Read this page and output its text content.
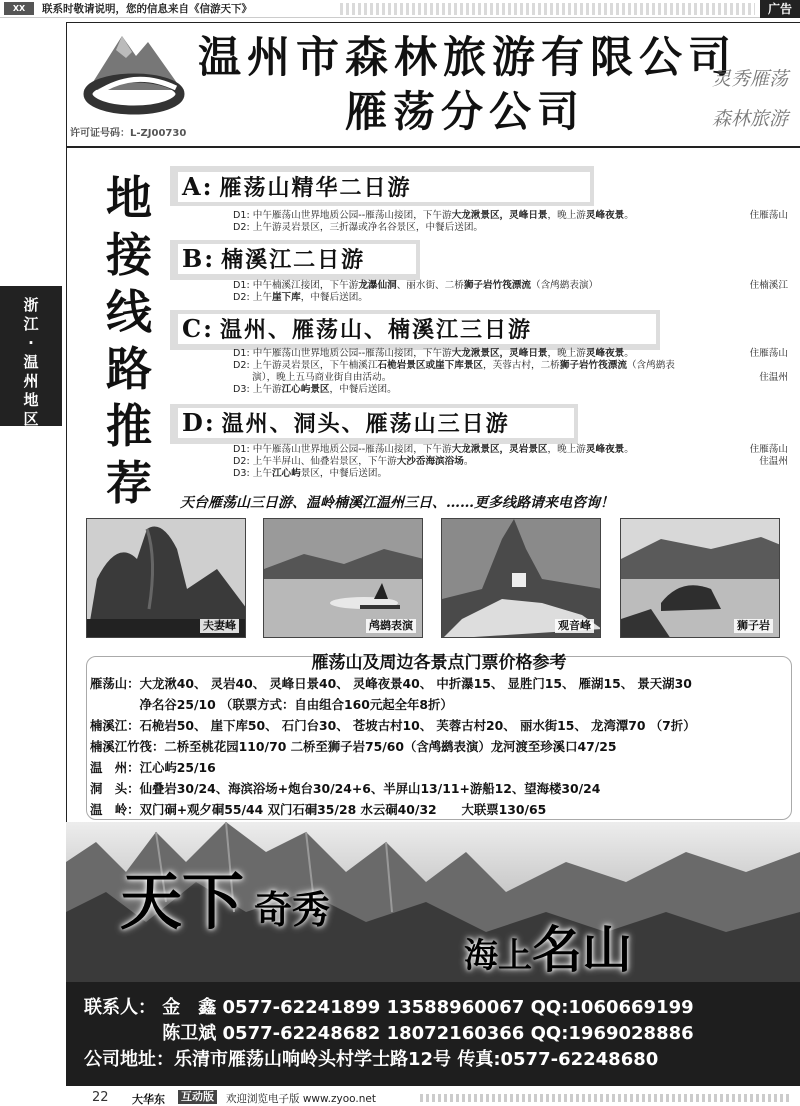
XX	联系时敬请说明，您的信息来自《信游天下》	广告
浙
江
·
温
州
地
区
许可证号码：L-ZJ00730
温州市森林旅游有限公司
雁荡分公司
灵秀雁荡
森林旅游
地
接
线
路
推
荐
A: 雁荡山精华二日游
D1: 中午雁荡山世界地质公园--雁荡山接团，下午游大龙湫景区，灵峰日景，晚上游灵峰夜景。	住雁荡山
D2: 上午游灵岩景区，三折瀑或净名谷景区，中餐后送团。
B: 楠溪江二日游
D1: 中午楠溪江接团，下午游龙瀑仙洞、丽水街、二桥狮子岩竹筏漂流（含鸬鹚表演）	住楠溪江
D2: 上午崖下库，中餐后送团。
C: 温州、雁荡山、楠溪江三日游
D1: 中午雁荡山世界地质公园--雁荡山接团，下午游大龙湫景区，灵峰日景，晚上游灵峰夜景。	住雁荡山
D2: 上午游灵岩景区，下午楠溪江石桅岩景区或崖下库景区，芙蓉古村，二桥狮子岩竹筏漂流（含鸬鹚表
　　演），晚上五马商业街自由活动。	住温州
D3: 上午游江心屿景区，中餐后送团。
D: 温州、洞头、雁荡山三日游
D1: 中午雁荡山世界地质公园--雁荡山接团，下午游大龙湫景区，灵岩景区，晚上游灵峰夜景。	住雁荡山
D2: 上午半屏山、仙叠岩景区，下午游大沙岙海滨浴场。	住温州
D3: 上午江心屿景区，中餐后送团。
天台雁荡山三日游、温岭楠溪江温州三日、……更多线路请来电咨询！
夫妻峰	鸬鹚表演	观音峰	狮子岩
雁荡山及周边各景点门票价格参考
雁荡山：大龙湫40、 灵岩40、 灵峰日景40、 灵峰夜景40、 中折瀑15、 显胜门15、 雁湖15、 景天湖30
　　　　净名谷25/10 （联票方式：自由组合160元起全年8折）
楠溪江：石桅岩50、 崖下库50、 石门台30、 苍坡古村10、 芙蓉古村20、 丽水街15、 龙湾潭70 （7折）
楠溪江竹筏：二桥至桃花园110/70 二桥至狮子岩75/60（含鸬鹚表演）龙河渡至珍溪口47/25
温　州：江心屿25/16
洞　头：仙叠岩30/24、海滨浴场+炮台30/24+6、半屏山13/11+游船12、望海楼30/24
温　岭：双门硐+观夕硐55/44 双门石硐35/28 水云硐40/32　　大联票130/65
天下 奇秀
海上名山
联系人： 金　鑫 0577-62241899 13588960067 QQ:1060669199
　　　　 陈卫斌 0577-62248682 18072160366 QQ:1969028886
公司地址：乐清市雁荡山响岭头村学士路12号 传真:0577-62248680
22 大华东 互动版 欢迎浏览电子版 www.zyoo.net
